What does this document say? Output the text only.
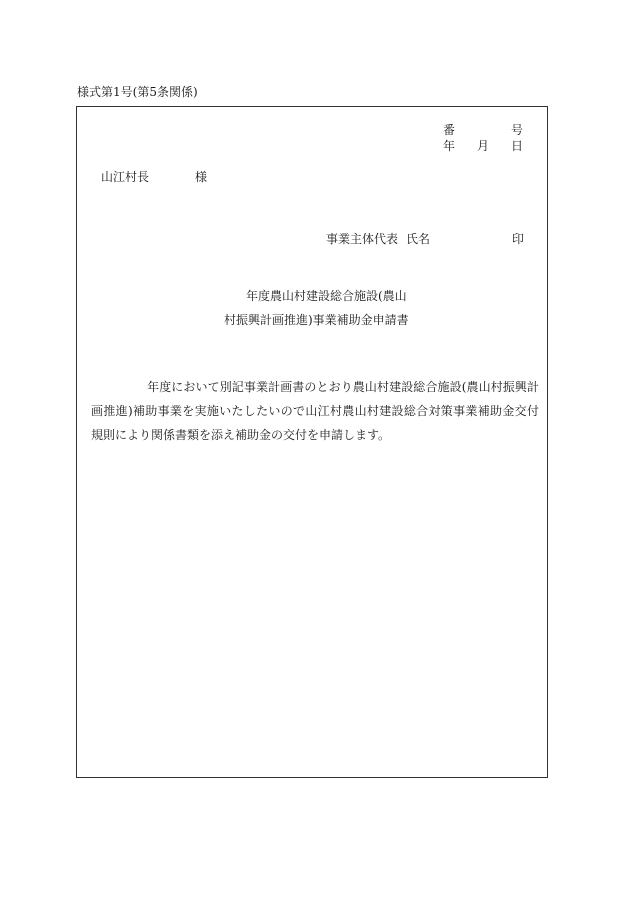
様式第1号(第5条関係)
番	号
年 月 日
山江村長	様
事業主体代表 氏名	印
年度農山村建設総合施設(農山
村振興計画推進)事業補助金申請書
年度において別記事業計画書のとおり農山村建設総合施設(農山村振興計画推進)補助事業を実施いたしたいので山江村農山村建設総合対策事業補助金交付規則により関係書類を添え補助金の交付を申請します。
